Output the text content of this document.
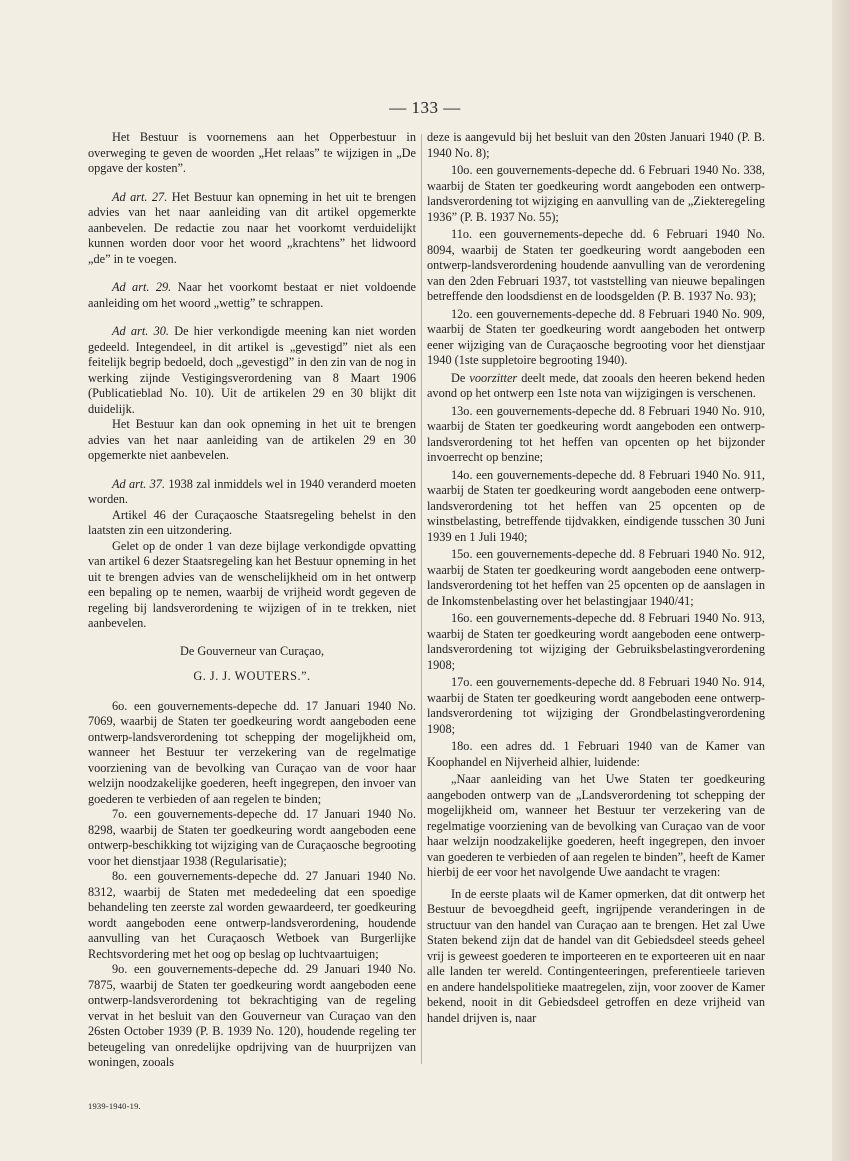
— 133 —

Het Bestuur is voornemens aan het Opperbestuur in overweging te geven de woorden „Het relaas” te wijzigen in „De opgave der kosten”.

Ad art. 27. Het Bestuur kan opneming in het uit te brengen advies van het naar aanleiding van dit artikel opgemerkte aanbevelen. De redactie zou naar het voorkomt verduidelijkt kunnen worden door voor het woord „krachtens” het lidwoord „de” in te voegen.

Ad art. 29. Naar het voorkomt bestaat er niet voldoende aanleiding om het woord „wettig” te schrappen.

Ad art. 30. De hier verkondigde meening kan niet worden gedeeld. Integendeel, in dit artikel is „gevestigd” niet als een feitelijk begrip bedoeld, doch „gevestigd” in den zin van de nog in werking zijnde Vestigingsverordening van 8 Maart 1906 (Publicatieblad No. 10). Uit de artikelen 29 en 30 blijkt dit duidelijk.

Het Bestuur kan dan ook opneming in het uit te brengen advies van het naar aanleiding van de artikelen 29 en 30 opgemerkte niet aanbevelen.

Ad art. 37. 1938 zal inmiddels wel in 1940 veranderd moeten worden.

Artikel 46 der Curaçaosche Staatsregeling behelst in den laatsten zin een uitzondering.

Gelet op de onder 1 van deze bijlage verkondigde opvatting van artikel 6 dezer Staatsregeling kan het Bestuur opneming in het uit te brengen advies van de wenschelijkheid om in het ontwerp een bepaling op te nemen, waarbij de vrijheid wordt gegeven de regeling bij landsverordening te wijzigen of in te trekken, niet aanbevelen.

De Gouverneur van Curaçao,

G. J. J. WOUTERS.”.

6o. een gouvernements-depeche dd. 17 Januari 1940 No. 7069, waarbij de Staten ter goedkeuring wordt aangeboden eene ontwerp-landsverordening tot schepping der mogelijkheid om, wanneer het Bestuur ter verzekering van de regelmatige voorziening van de bevolking van Curaçao van de voor haar welzijn noodzakelijke goederen, heeft ingegrepen, den invoer van goederen te verbieden of aan regelen te binden;

7o. een gouvernements-depeche dd. 17 Januari 1940 No. 8298, waarbij de Staten ter goedkeuring wordt aangeboden eene ontwerp-beschikking tot wijziging van de Curaçaosche begrooting voor het dienstjaar 1938 (Regularisatie);

8o. een gouvernements-depeche dd. 27 Januari 1940 No. 8312, waarbij de Staten met mededeeling dat een spoedige behandeling ten zeerste zal worden gewaardeerd, ter goedkeuring wordt aangeboden eene ontwerp-landsverordening, houdende aanvulling van het Curaçaosch Wetboek van Burgerlijke Rechtsvordering met het oog op beslag op luchtvaartuigen;

9o. een gouvernements-depeche dd. 29 Januari 1940 No. 7875, waarbij de Staten ter goedkeuring wordt aangeboden eene ontwerp-landsverordening tot bekrachtiging van de regeling vervat in het besluit van den Gouverneur van Curaçao van den 26sten October 1939 (P. B. 1939 No. 120), houdende regeling ter beteugeling van onredelijke opdrijving van de huurprijzen van woningen, zooals

deze is aangevuld bij het besluit van den 20sten Januari 1940 (P. B. 1940 No. 8);

10o. een gouvernements-depeche dd. 6 Februari 1940 No. 338, waarbij de Staten ter goedkeuring wordt aangeboden een ontwerp-landsverordening tot wijziging en aanvulling van de „Ziekteregeling 1936” (P. B. 1937 No. 55);

11o. een gouvernements-depeche dd. 6 Februari 1940 No. 8094, waarbij de Staten ter goedkeuring wordt aangeboden een ontwerp-landsverordening houdende aanvulling van de verordening van den 2den Februari 1937, tot vaststelling van nieuwe bepalingen betreffende den loodsdienst en de loodsgelden (P. B. 1937 No. 93);

12o. een gouvernements-depeche dd. 8 Februari 1940 No. 909, waarbij de Staten ter goedkeuring wordt aangeboden het ontwerp eener wijziging van de Curaçaosche begrooting voor het dienstjaar 1940 (1ste suppletoire begrooting 1940).

De voorzitter deelt mede, dat zooals den heeren bekend heden avond op het ontwerp een 1ste nota van wijzigingen is verschenen.

13o. een gouvernements-depeche dd. 8 Februari 1940 No. 910, waarbij de Staten ter goedkeuring wordt aangeboden een ontwerp-landsverordening tot het heffen van opcenten op het bijzonder invoerrecht op benzine;

14o. een gouvernements-depeche dd. 8 Februari 1940 No. 911, waarbij de Staten ter goedkeuring wordt aangeboden eene ontwerp-landsverordening tot het heffen van 25 opcenten op de winstbelasting, betreffende tijdvakken, eindigende tusschen 30 Juni 1939 en 1 Juli 1940;

15o. een gouvernements-depeche dd. 8 Februari 1940 No. 912, waarbij de Staten ter goedkeuring wordt aangeboden eene ontwerp-landsverordening tot het heffen van 25 opcenten op de aanslagen in de Inkomstenbelasting over het belastingjaar 1940/41;

16o. een gouvernements-depeche dd. 8 Februari 1940 No. 913, waarbij de Staten ter goedkeuring wordt aangeboden eene ontwerp-landsverordening tot wijziging der Gebruiksbelastingverordening 1908;

17o. een gouvernements-depeche dd. 8 Februari 1940 No. 914, waarbij de Staten ter goedkeuring wordt aangeboden eene ontwerp-landsverordening tot wijziging der Grondbelastingverordening 1908;

18o. een adres dd. 1 Februari 1940 van de Kamer van Koophandel en Nijverheid alhier, luidende:

„Naar aanleiding van het Uwe Staten ter goedkeuring aangeboden ontwerp van de „Landsverordening tot schepping der mogelijkheid om, wanneer het Bestuur ter verzekering van de regelmatige voorziening van de bevolking van Curaçao van de voor haar welzijn noodzakelijke goederen, heeft ingegrepen, den invoer van goederen te verbieden of aan regelen te binden”, heeft de Kamer hierbij de eer voor het navolgende Uwe aandacht te vragen:

In de eerste plaats wil de Kamer opmerken, dat dit ontwerp het Bestuur de bevoegdheid geeft, ingrijpende veranderingen in de structuur van den handel van Curaçao aan te brengen. Het zal Uwe Staten bekend zijn dat de handel van dit Gebiedsdeel steeds geheel vrij is geweest goederen te importeeren en te exporteeren uit en naar alle landen ter wereld. Contingenteeringen, preferentieele tarieven en andere handelspolitieke maatregelen, zijn, voor zoover de Kamer bekend, nooit in dit Gebiedsdeel getroffen en deze vrijheid van handel drijven is, naar

1939-1940-19.
